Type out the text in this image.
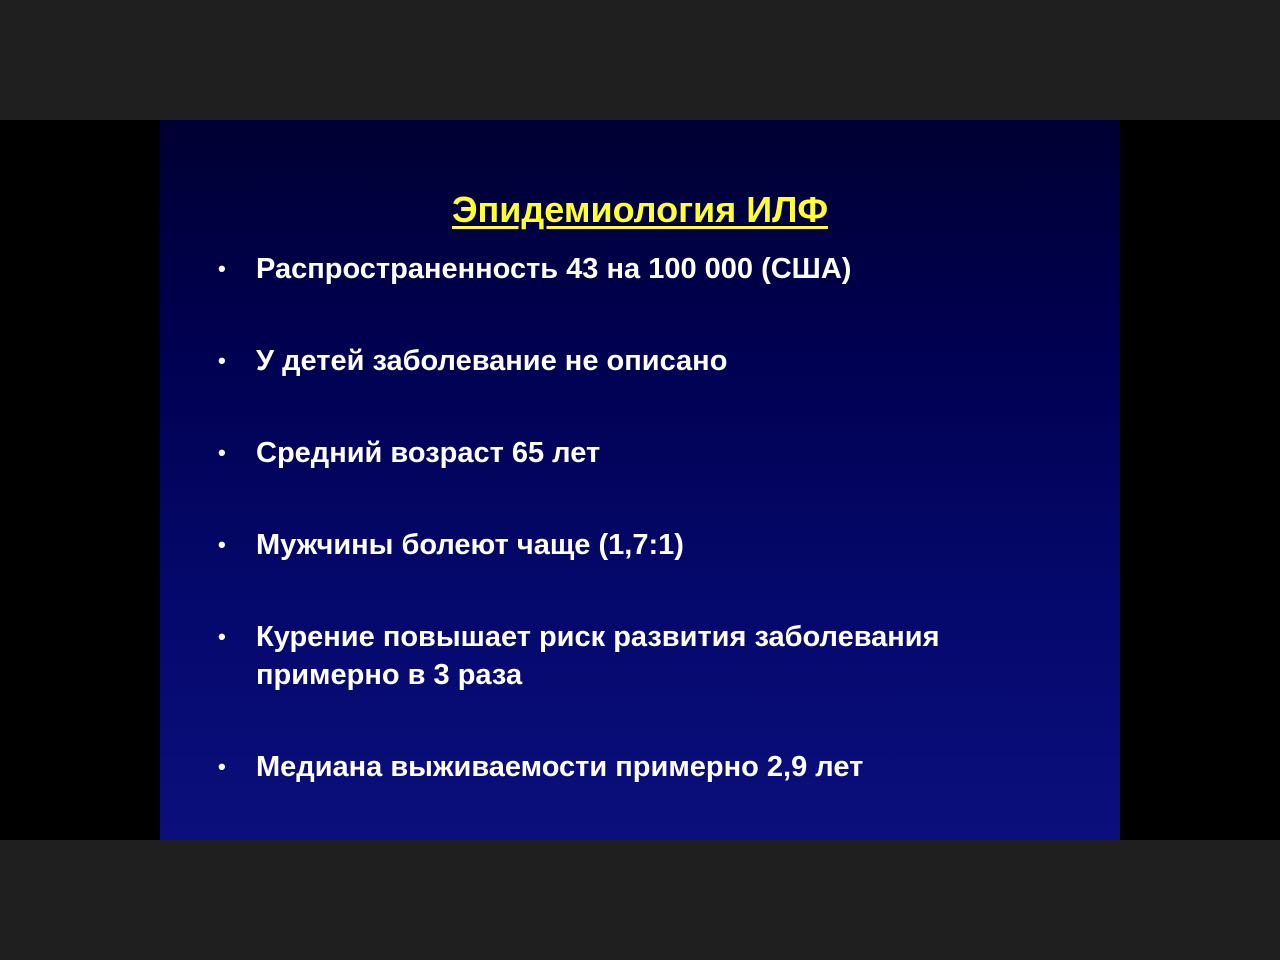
Эпидемиология ИЛФ
•	Распространенность 43 на 100 000 (США)
•	У детей заболевание не описано
•	Средний возраст 65 лет
•	Мужчины болеют чаще (1,7:1)
•	Курение повышает риск развития заболевания примерно в 3 раза
•	Медиана выживаемости примерно 2,9 лет
